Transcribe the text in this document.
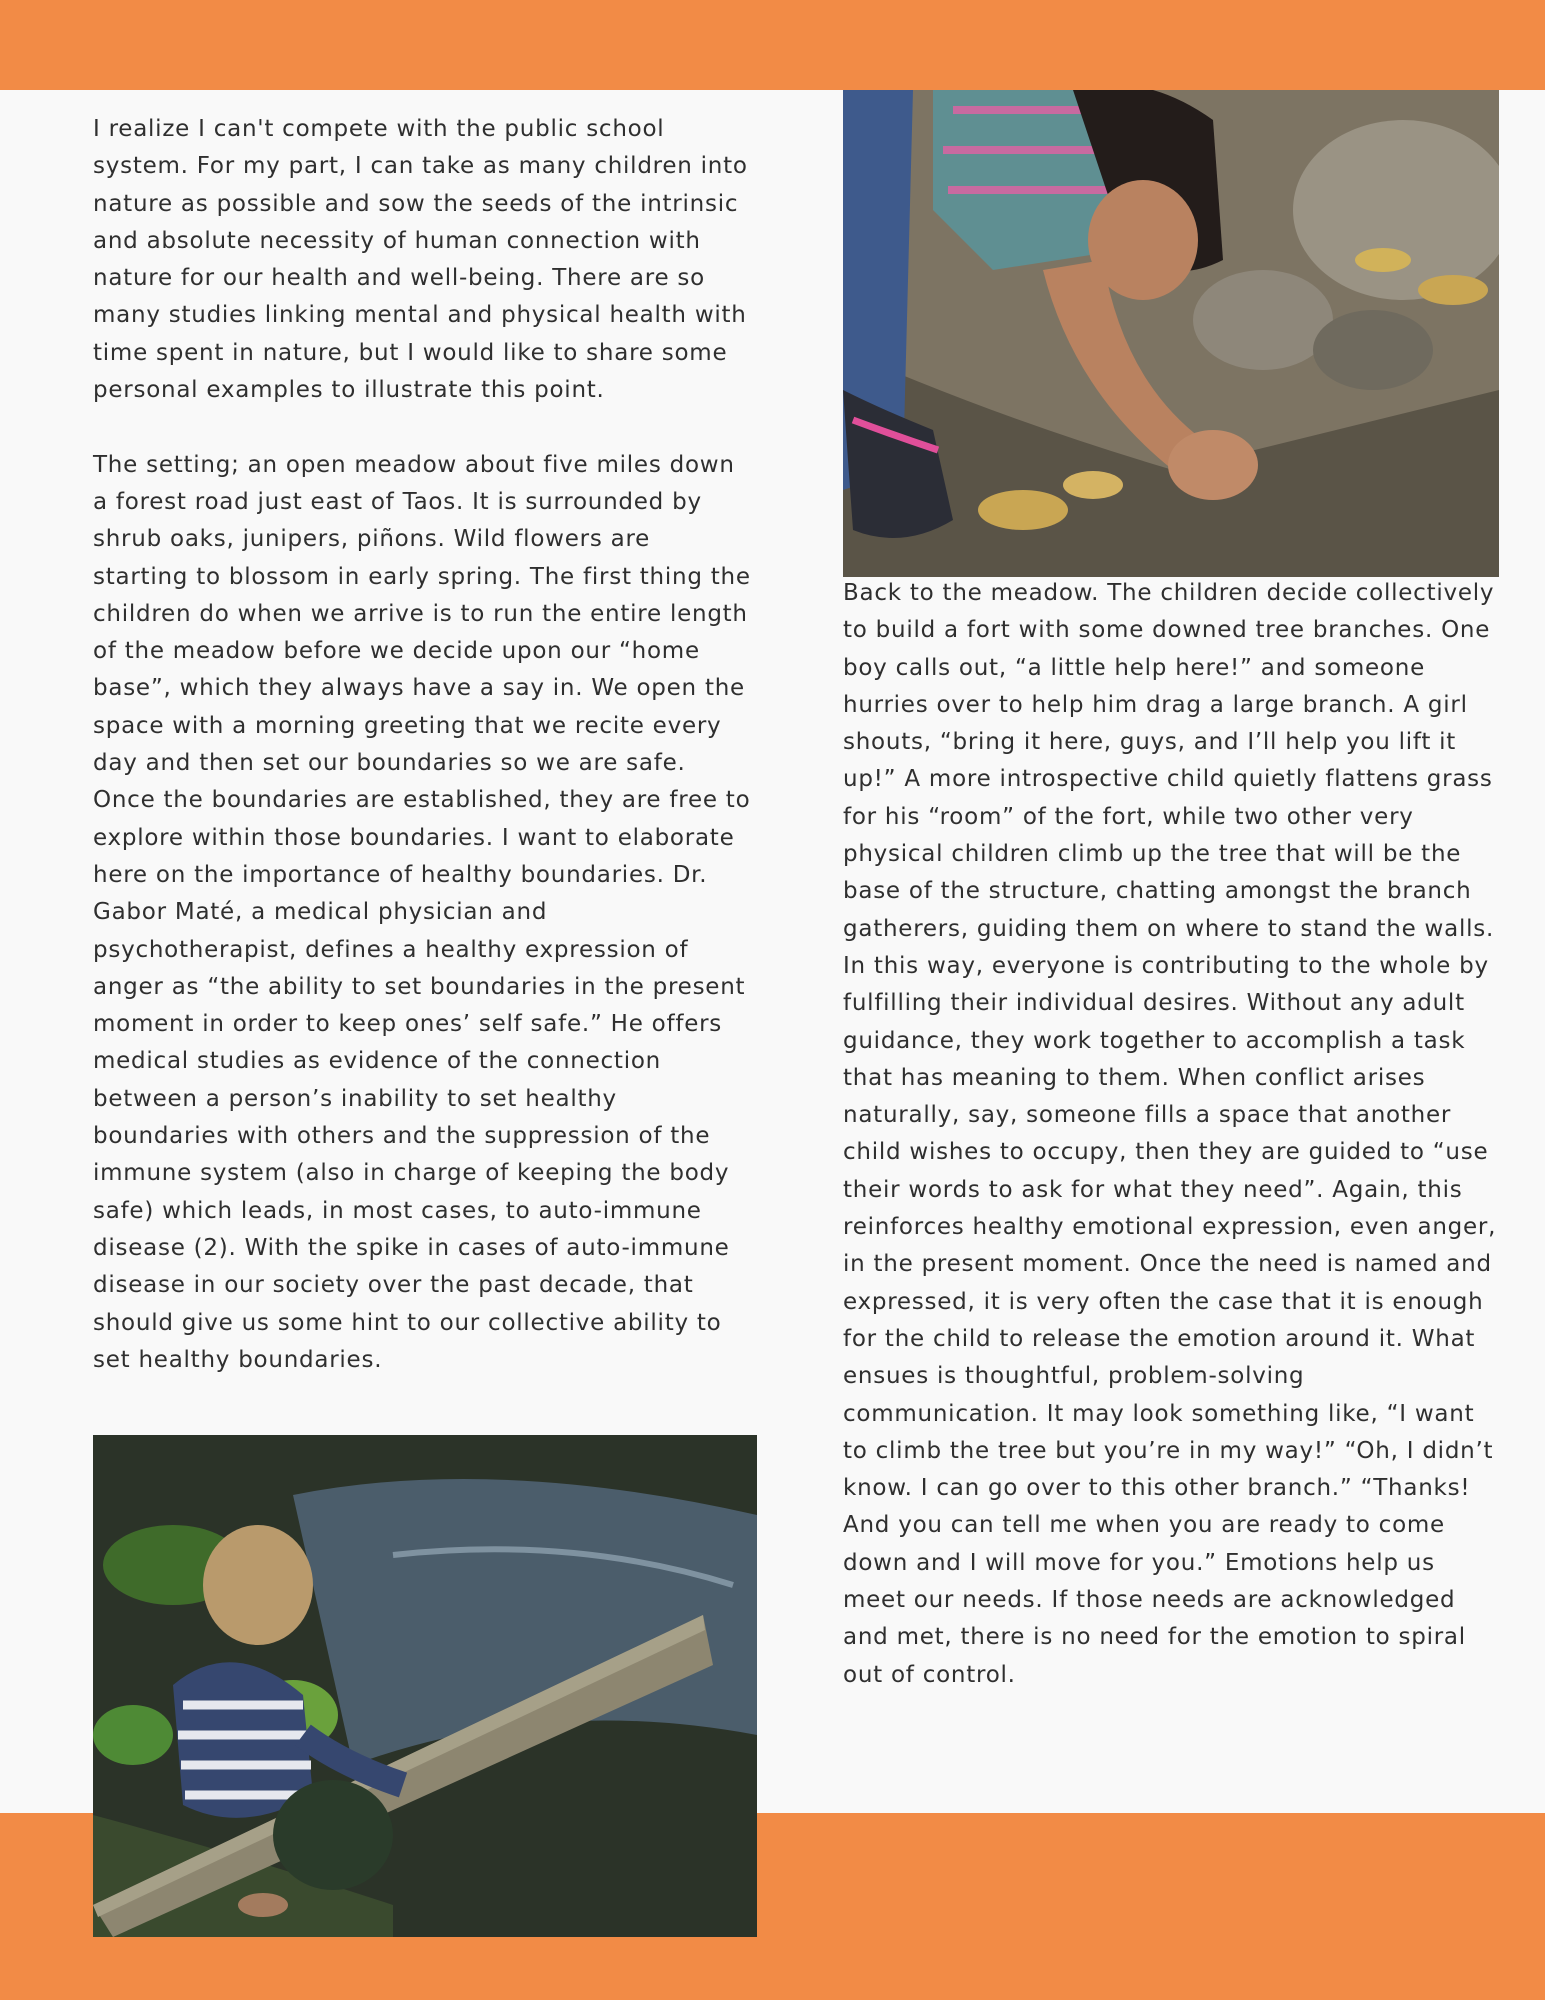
I realize I can't compete with the public school system. For my part, I can take as many children into nature as possible and sow the seeds of the intrinsic and absolute necessity of human connection with nature for our health and well-being. There are so many studies linking mental and physical health with time spent in nature, but I would like to share some personal examples to illustrate this point.

The setting; an open meadow about five miles down a forest road just east of Taos. It is surrounded by shrub oaks, junipers, piñons. Wild flowers are starting to blossom in early spring. The first thing the children do when we arrive is to run the entire length of the meadow before we decide upon our “home base”, which they always have a say in. We open the space with a morning greeting that we recite every day and then set our boundaries so we are safe. Once the boundaries are established, they are free to explore within those boundaries. I want to elaborate here on the importance of healthy boundaries. Dr. Gabor Maté, a medical physician and psychotherapist, defines a healthy expression of anger as “the ability to set boundaries in the present moment in order to keep ones’ self safe.” He offers medical studies as evidence of the connection between a person’s inability to set healthy boundaries with others and the suppression of the immune system (also in charge of keeping the body safe) which leads, in most cases, to auto-immune disease (2). With the spike in cases of auto-immune disease in our society over the past decade, that should give us some hint to our collective ability to set healthy boundaries.

Back to the meadow. The children decide collectively to build a fort with some downed tree branches. One boy calls out, “a little help here!” and someone hurries over to help him drag a large branch. A girl shouts, “bring it here, guys, and I’ll help you lift it up!” A more introspective child quietly flattens grass for his “room” of the fort, while two other very physical children climb up the tree that will be the base of the structure, chatting amongst the branch gatherers, guiding them on where to stand the walls. In this way, everyone is contributing to the whole by fulfilling their individual desires. Without any adult guidance, they work together to accomplish a task that has meaning to them. When conflict arises naturally, say, someone fills a space that another child wishes to occupy, then they are guided to “use their words to ask for what they need”. Again, this reinforces healthy emotional expression, even anger, in the present moment. Once the need is named and expressed, it is very often the case that it is enough for the child to release the emotion around it. What ensues is thoughtful, problem-solving communication. It may look something like, “I want to climb the tree but you’re in my way!” “Oh, I didn’t know. I can go over to this other branch.” “Thanks! And you can tell me when you are ready to come down and I will move for you.” Emotions help us meet our needs. If those needs are acknowledged and met, there is no need for the emotion to spiral out of control.
